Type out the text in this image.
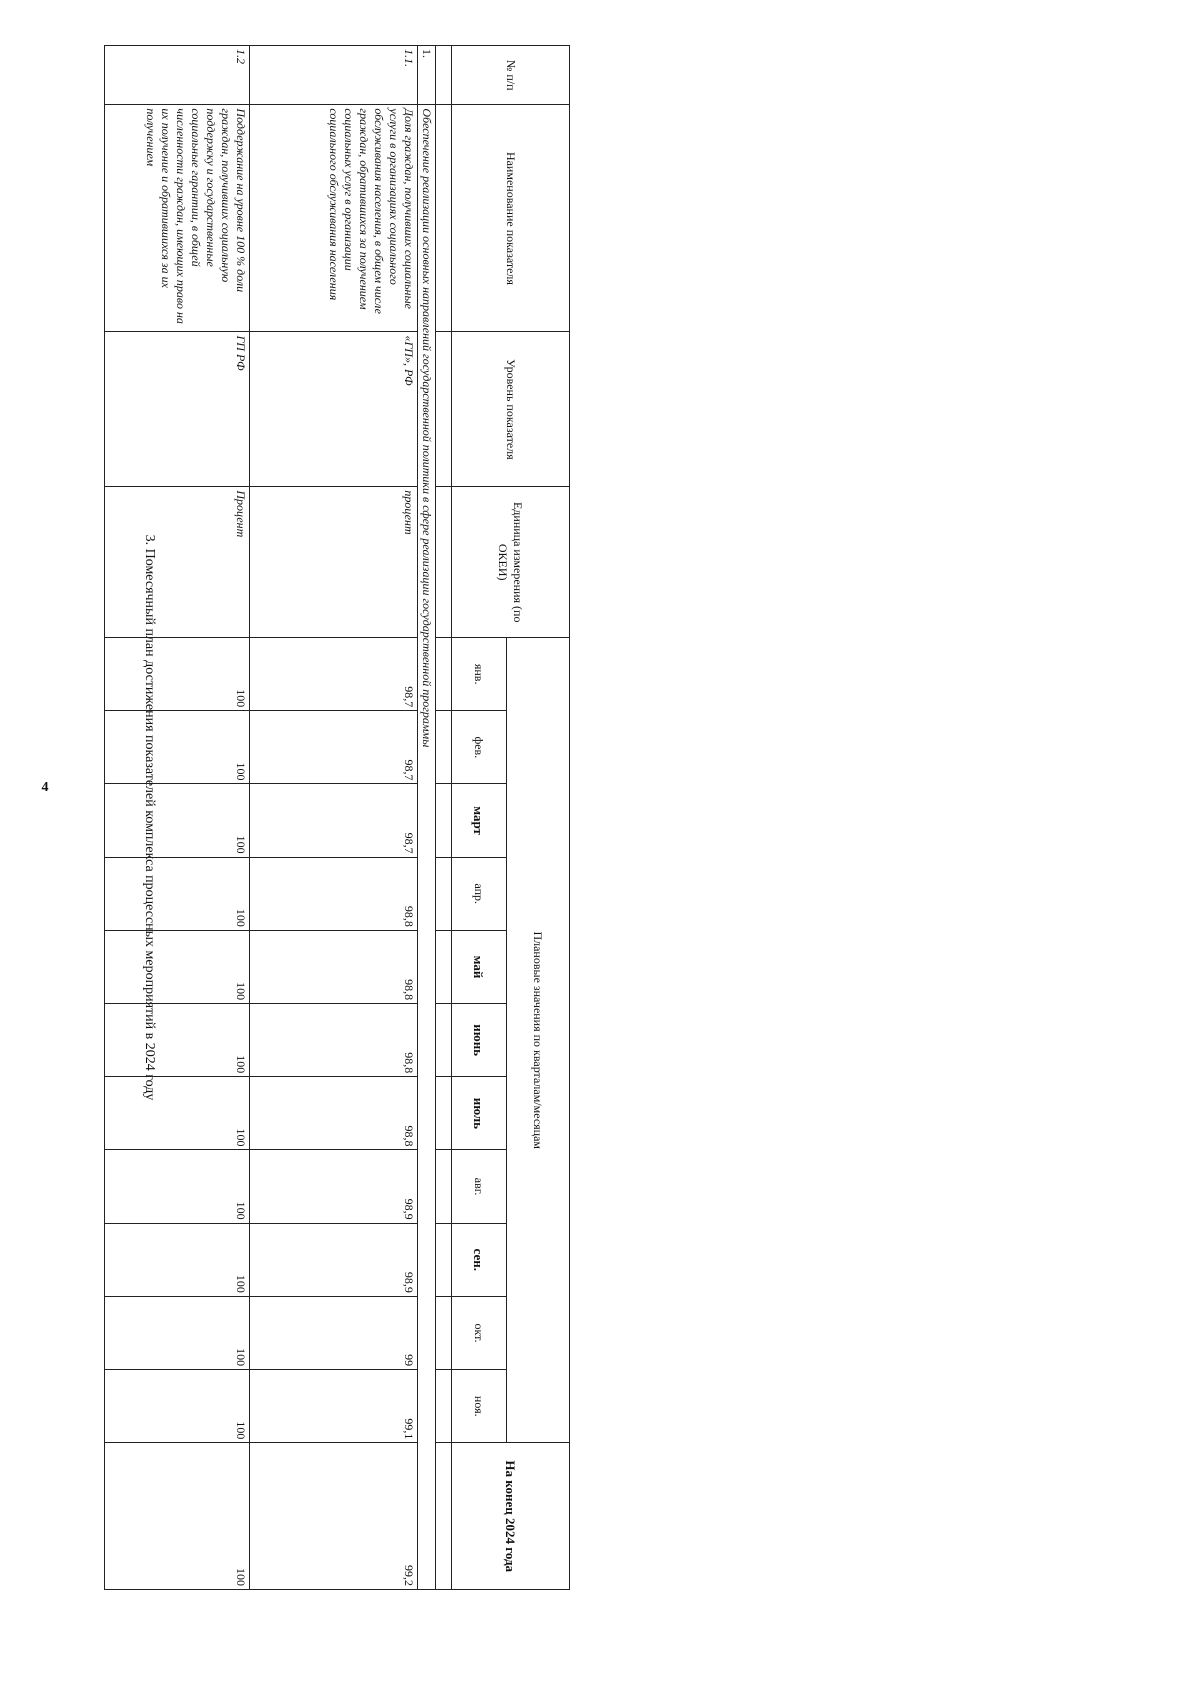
4	3. Помесячный план достижения показателей комплекса процессных мероприятий в 2024 году
№ п/п	Наименование показателя	Уровень показателя	Единица измерения (по ОКЕИ)	Плановые значения по кварталам/месяцам											На конец 2024 года
				янв.	фев.	март	апр.	май	июнь	июль	авг.	сен.	окт.	ноя.	

1.	Обеспечение реализации основных направлений государственной политики в сфере реализации государственной программы														
1.1.	Доля граждан, получивших социальные услуги в организациях социального обслуживания населения, в общем числе граждан, обратившихся за получением социальных услуг в организации социального обслуживания населения	«ГП», РФ	процент	98,7	98,7	98,7	98,8	98,8	98,8	98,8	98,9	98,9	99	99,1	99,2
1.2	Поддержание на уровне 100 % доли граждан, получивших социальную поддержку и государственные социальные гарантии, в общей численности граждан, имеющих право на их получение и обратившихся за их получением	ГП РФ	Процент	100	100	100	100	100	100	100	100	100	100	100	100
